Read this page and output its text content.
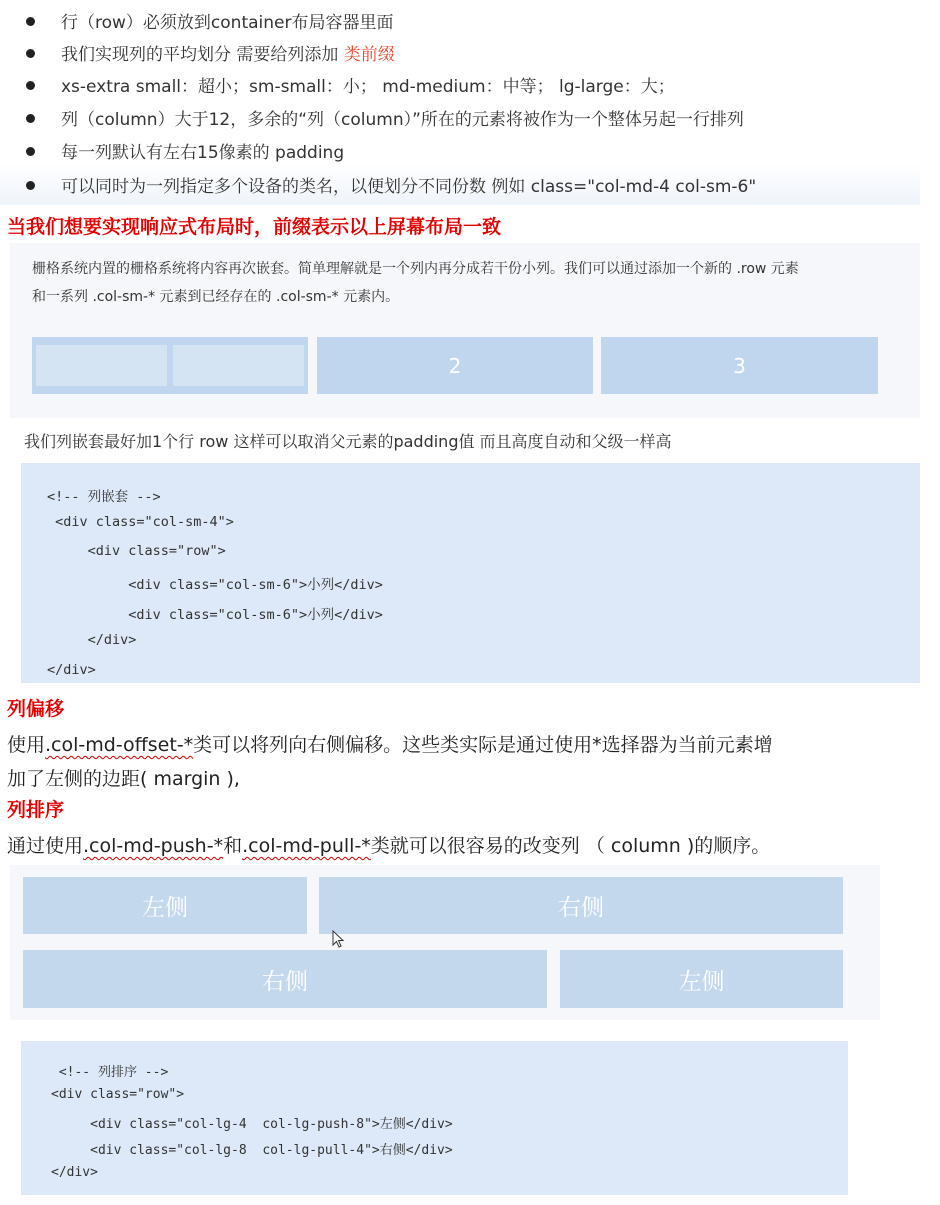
行（row）必须放到container布局容器里面
我们实现列的平均划分 需要给列添加 类前缀
xs-extra small：超小；sm-small：小； md-medium：中等； lg-large：大；
列（column）大于12，多余的“列（column）”所在的元素将被作为一个整体另起一行排列
每一列默认有左右15像素的 padding
可以同时为一列指定多个设备的类名，以便划分不同份数 例如 class="col-md-4 col-sm-6"
当我们想要实现响应式布局时，前缀表示以上屏幕布局一致
栅格系统内置的栅格系统将内容再次嵌套。简单理解就是一个列内再分成若干份小列。我们可以通过添加一个新的 .row 元素
和一系列 .col-sm-* 元素到已经存在的 .col-sm-* 元素内。
2	3
我们列嵌套最好加1个行 row 这样可以取消父元素的padding值 而且高度自动和父级一样高
<!-- 列嵌套 -->
<div class="col-sm-4">
<div class="row">
<div class="col-sm-6">小列</div>
<div class="col-sm-6">小列</div>
</div>
</div>
列偏移
使用.col-md-offset-*类可以将列向右侧偏移。这些类实际是通过使用*选择器为当前元素增
加了左侧的边距( margin ),
列排序
通过使用.col-md-push-*和.col-md-pull-*类就可以很容易的改变列 （ column )的顺序。
左侧	右侧
右侧	左侧
<!-- 列排序 -->
<div class="row">
<div class="col-lg-4  col-lg-push-8">左侧</div>
<div class="col-lg-8  col-lg-pull-4">右侧</div>
</div>
